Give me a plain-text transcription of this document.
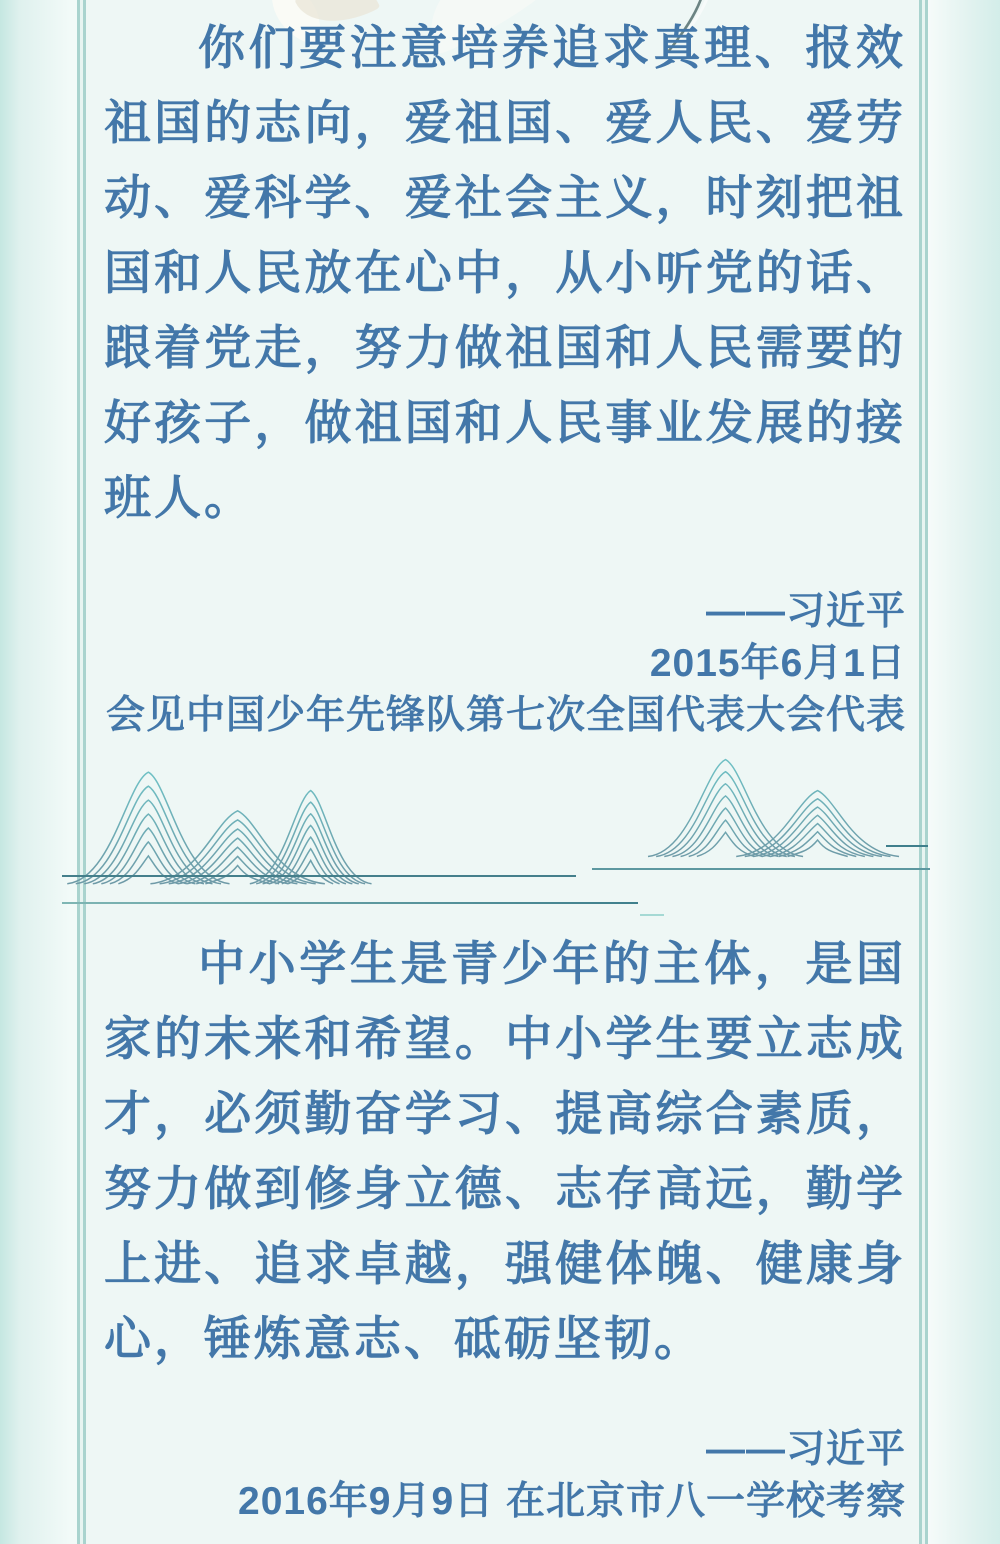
你们要注意培养追求真理、报效祖国的志向，爱祖国、爱人民、爱劳动、爱科学、爱社会主义，时刻把祖国和人民放在心中，从小听党的话、跟着党走，努力做祖国和人民需要的好孩子，做祖国和人民事业发展的接班人。
——习近平
2015年6月1日
会见中国少年先锋队第七次全国代表大会代表
中小学生是青少年的主体，是国家的未来和希望。中小学生要立志成才，必须勤奋学习、提高综合素质，努力做到修身立德、志存高远，勤学上进、追求卓越，强健体魄、健康身心，锤炼意志、砥砺坚韧。
——习近平
2016年9月9日 在北京市八一学校考察
